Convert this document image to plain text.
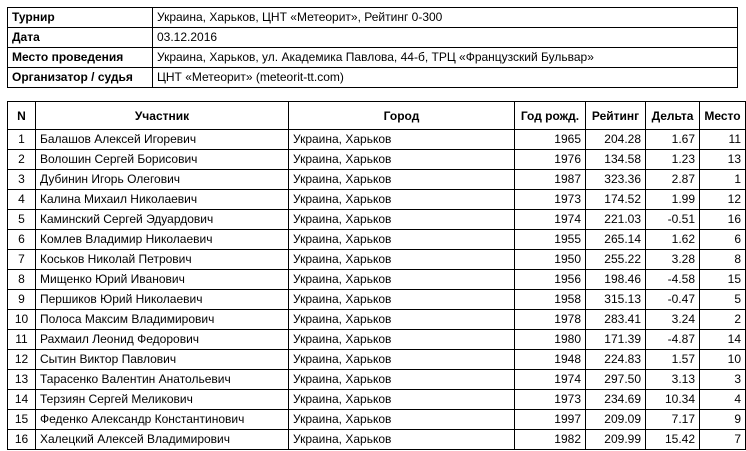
Турнир	Украина, Харьков, ЦНТ «Метеорит», Рейтинг 0-300
Дата	03.12.2016
Место проведения	Украина, Харьков, ул. Академика Павлова, 44-б, ТРЦ «Французский Бульвар»
Организатор / судья	ЦНТ «Метеорит» (meteorit-tt.com)
N	Участник	Город	Год рожд.	Рейтинг	Дельта	Место
1	Балашов Алексей Игоревич	Украина, Харьков	1965	204.28	1.67	11
2	Волошин Сергей Борисович	Украина, Харьков	1976	134.58	1.23	13
3	Дубинин Игорь Олегович	Украина, Харьков	1987	323.36	2.87	1
4	Калина Михаил Николаевич	Украина, Харьков	1973	174.52	1.99	12
5	Каминский Сергей Эдуардович	Украина, Харьков	1974	221.03	-0.51	16
6	Комлев Владимир Николаевич	Украина, Харьков	1955	265.14	1.62	6
7	Коськов Николай Петрович	Украина, Харьков	1950	255.22	3.28	8
8	Мищенко Юрий Иванович	Украина, Харьков	1956	198.46	-4.58	15
9	Першиков Юрий Николаевич	Украина, Харьков	1958	315.13	-0.47	5
10	Полоса Максим Владимирович	Украина, Харьков	1978	283.41	3.24	2
11	Рахмаил Леонид Федорович	Украина, Харьков	1980	171.39	-4.87	14
12	Сытин Виктор Павлович	Украина, Харьков	1948	224.83	1.57	10
13	Тарасенко Валентин Анатольевич	Украина, Харьков	1974	297.50	3.13	3
14	Терзиян Сергей Меликович	Украина, Харьков	1973	234.69	10.34	4
15	Феденко Александр Константинович	Украина, Харьков	1997	209.09	7.17	9
16	Халецкий Алексей Владимирович	Украина, Харьков	1982	209.99	15.42	7
